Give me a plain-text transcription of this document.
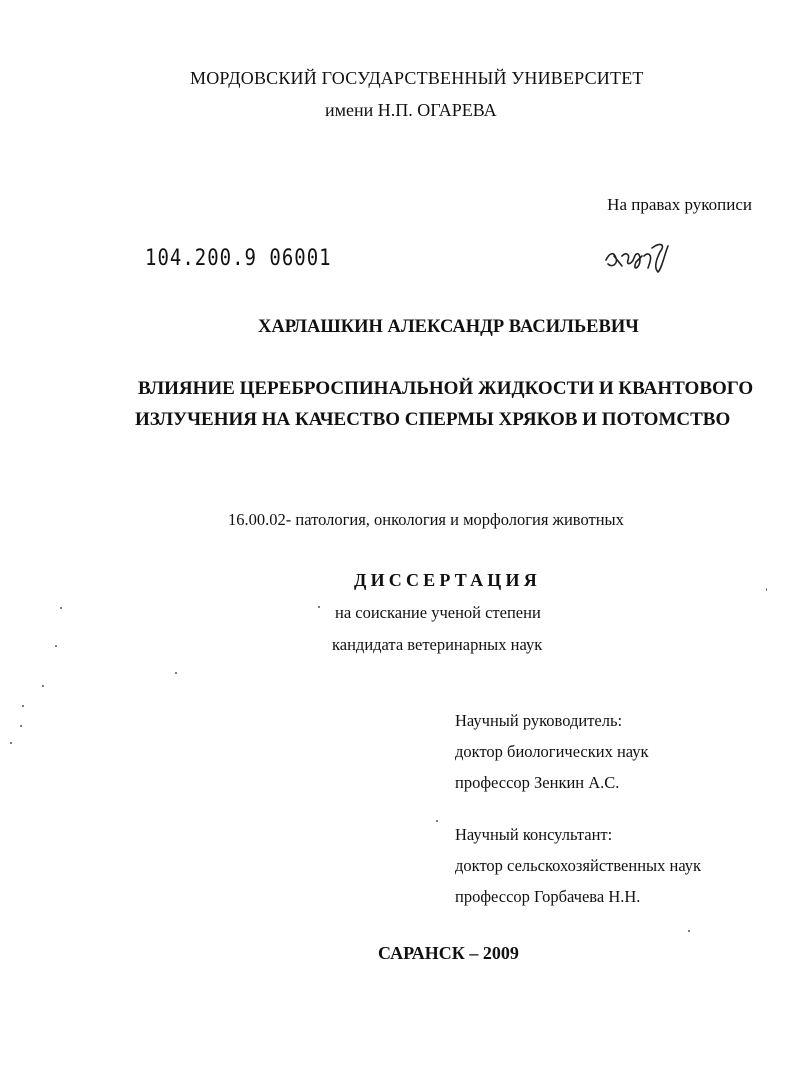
МОРДОВСКИЙ ГОСУДАРСТВЕННЫЙ УНИВЕРСИТЕТ
имени Н.П. ОГАРЕВА
На правах рукописи
104.200.9 06001
ХАРЛАШКИН АЛЕКСАНДР ВАСИЛЬЕВИЧ
ВЛИЯНИЕ ЦЕРЕБРОСПИНАЛЬНОЙ ЖИДКОСТИ И КВАНТОВОГО
ИЗЛУЧЕНИЯ НА КАЧЕСТВО СПЕРМЫ ХРЯКОВ И ПОТОМСТВО
16.00.02- патология, онкология и морфология животных
ДИССЕРТАЦИЯ
на соискание ученой степени
кандидата ветеринарных наук
Научный руководитель:
доктор биологических наук
профессор Зенкин А.С.
Научный консультант:
доктор сельскохозяйственных наук
профессор Горбачева Н.Н.
САРАНСК – 2009
